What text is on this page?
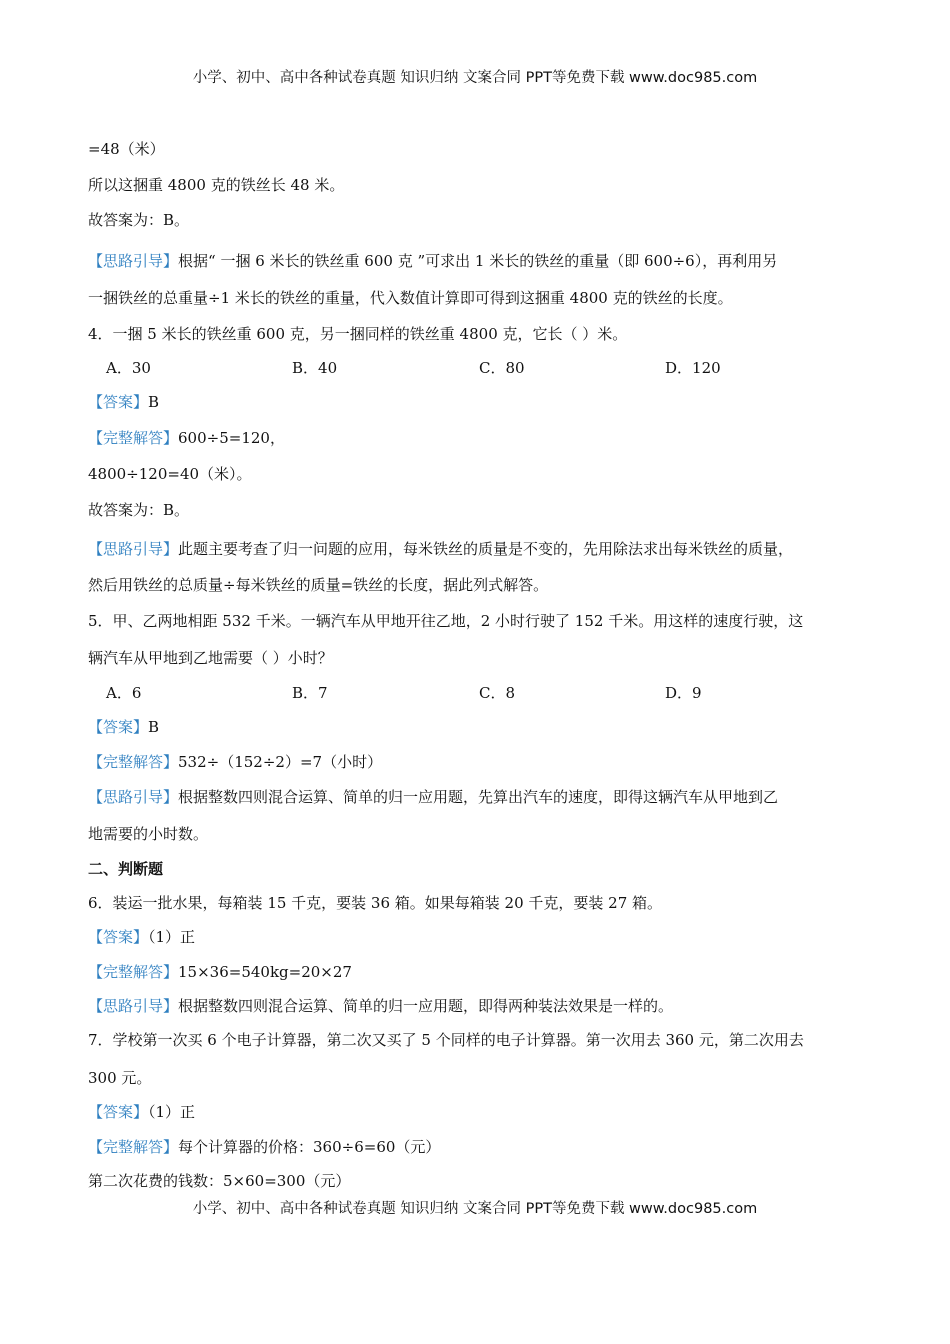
小学、初中、高中各种试卷真题 知识归纳 文案合同 PPT等免费下载 www.doc985.com
=48（米）
所以这捆重 4800 克的铁丝长 48 米。
故答案为：B。
【思路引导】根据“ 一捆 6 米长的铁丝重 600 克 ”可求出 1 米长的铁丝的重量（即 600÷6），再利用另
一捆铁丝的总重量÷1 米长的铁丝的重量，代入数值计算即可得到这捆重 4800 克的铁丝的长度。
4．一捆 5 米长的铁丝重 600 克，另一捆同样的铁丝重 4800 克，它长（ ）米。
A．30	B．40	C．80	D．120
【答案】B
【完整解答】600÷5=120，
4800÷120=40（米）。
故答案为：B。
【思路引导】此题主要考查了归一问题的应用，每米铁丝的质量是不变的，先用除法求出每米铁丝的质量，
然后用铁丝的总质量÷每米铁丝的质量=铁丝的长度，据此列式解答。
5．甲、乙两地相距 532 千米。一辆汽车从甲地开往乙地，2 小时行驶了 152 千米。用这样的速度行驶，这
辆汽车从甲地到乙地需要（ ）小时？
A．6	B．7	C．8	D．9
【答案】B
【完整解答】532÷（152÷2）=7（小时）
【思路引导】根据整数四则混合运算、简单的归一应用题，先算出汽车的速度，即得这辆汽车从甲地到乙
地需要的小时数。
二、判断题
6．装运一批水果，每箱装 15 千克，要装 36 箱。如果每箱装 20 千克，要装 27 箱。
【答案】（1）正
【完整解答】15×36=540kg=20×27
【思路引导】根据整数四则混合运算、简单的归一应用题，即得两种装法效果是一样的。
7．学校第一次买 6 个电子计算器，第二次又买了 5 个同样的电子计算器。第一次用去 360 元，第二次用去
300 元。
【答案】（1）正
【完整解答】每个计算器的价格：360÷6=60（元）
第二次花费的钱数：5×60=300（元）
小学、初中、高中各种试卷真题 知识归纳 文案合同 PPT等免费下载 www.doc985.com
